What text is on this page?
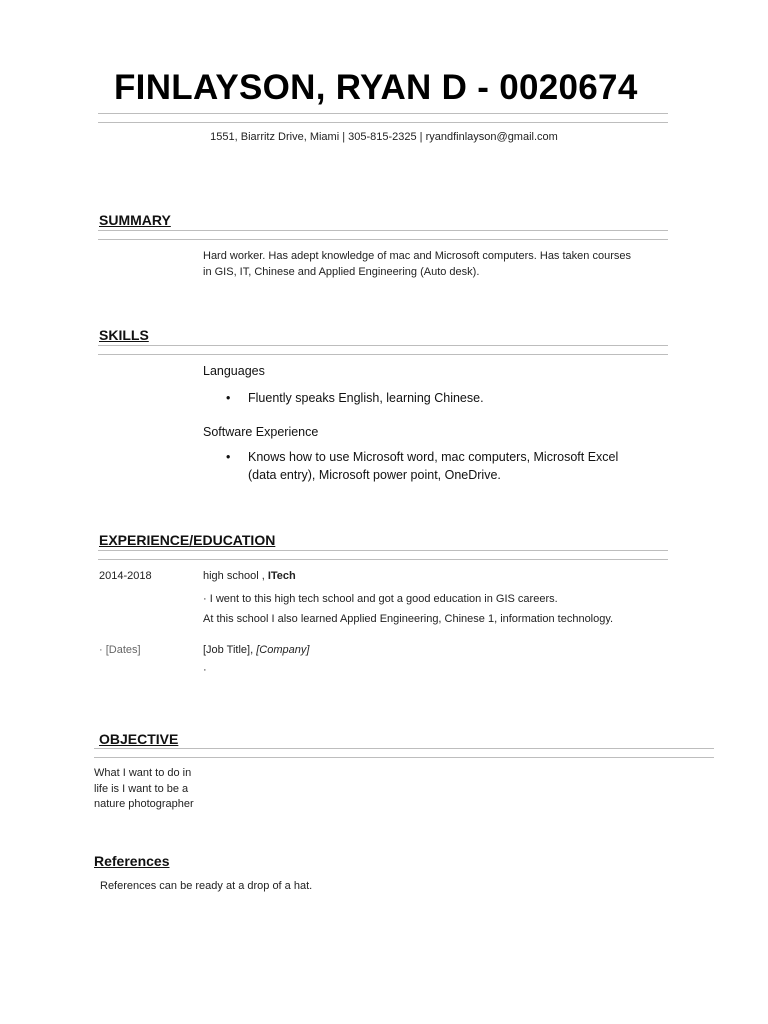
FINLAYSON, RYAN D - 0020674
1551, Biarritz Drive, Miami | 305-815-2325 | ryandfinlayson@gmail.com
SUMMARY
Hard worker. Has adept knowledge of mac and Microsoft computers. Has taken courses
in GIS, IT, Chinese and Applied Engineering (Auto desk).
SKILLS
Languages
• Fluently speaks English, learning Chinese.
Software Experience
• Knows how to use Microsoft word, mac computers, Microsoft Excel
(data entry), Microsoft power point, OneDrive.
EXPERIENCE/EDUCATION
2014-2018	high school , ITech
· I went to this high tech school and got a good education in GIS careers.
At this school I also learned Applied Engineering, Chinese 1, information technology.
· [Dates]	[Job Title], [Company]
·
OBJECTIVE
What I want to do in
life is I want to be a
nature photographer
References
References can be ready at a drop of a hat.
